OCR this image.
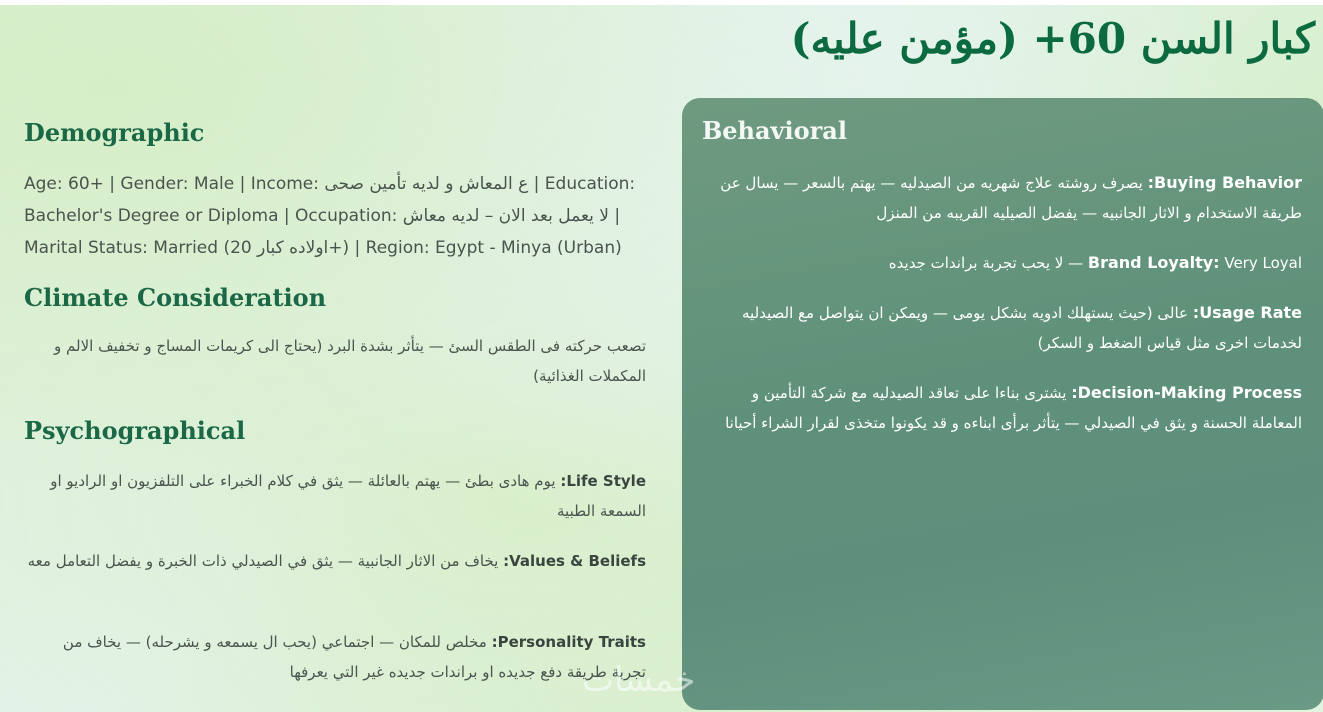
كبار السن 60+ (مؤمن عليه)
Demographic

Age: 60+ | Gender: Male | Income: ع المعاش و لديه تأمين صحى | Education:

Bachelor's Degree or Diploma | Occupation: لا يعمل بعد الان – لديه معاش |

Marital Status: Married (اولاده كبار 20+) | Region: Egypt - Minya (Urban)

Climate Consideration

تصعب حركته فى الطقس السئ — يتأثر بشدة البرد (يحتاج الى كريمات المساج و تخفيف الالم و المكملات الغذائية)

Psychographical

Life Style: يوم هادى بطئ — يهتم بالعائلة — يثق في كلام الخبراء على التلفزيون او الراديو او السمعة الطبية

Values & Beliefs: يخاف من الاثار الجانبية — يثق في الصيدلي ذات الخبرة و يفضل التعامل معه

Personality Traits: مخلص للمكان — اجتماعي (يحب ال يسمعه و يشرحله) — يخاف من تجربة طريقة دفع جديده او براندات جديده غير التي يعرفها

Behavioral

Buying Behavior: يصرف روشته علاج شهريه من الصيدليه — يهتم بالسعر — يسال عن طريقة الاستخدام و الاثار الجانبيه — يفضل الصيليه القريبه من المنزل

Brand Loyalty: Very Loyal — لا يحب تجربة براندات جديده

Usage Rate: عالى (حيث يستهلك ادويه بشكل يومى — ويمكن ان يتواصل مع الصيدليه لخدمات اخرى مثل قياس الضغط و السكر)

Decision-Making Process: يشترى بناءا على تعاقد الصيدليه مع شركة التأمين و المعاملة الحسنة و يثق في الصيدلي — يتأثر برأى ابناءه و قد يكونوا متخذى لقرار الشراء أحيانا

خمسات
